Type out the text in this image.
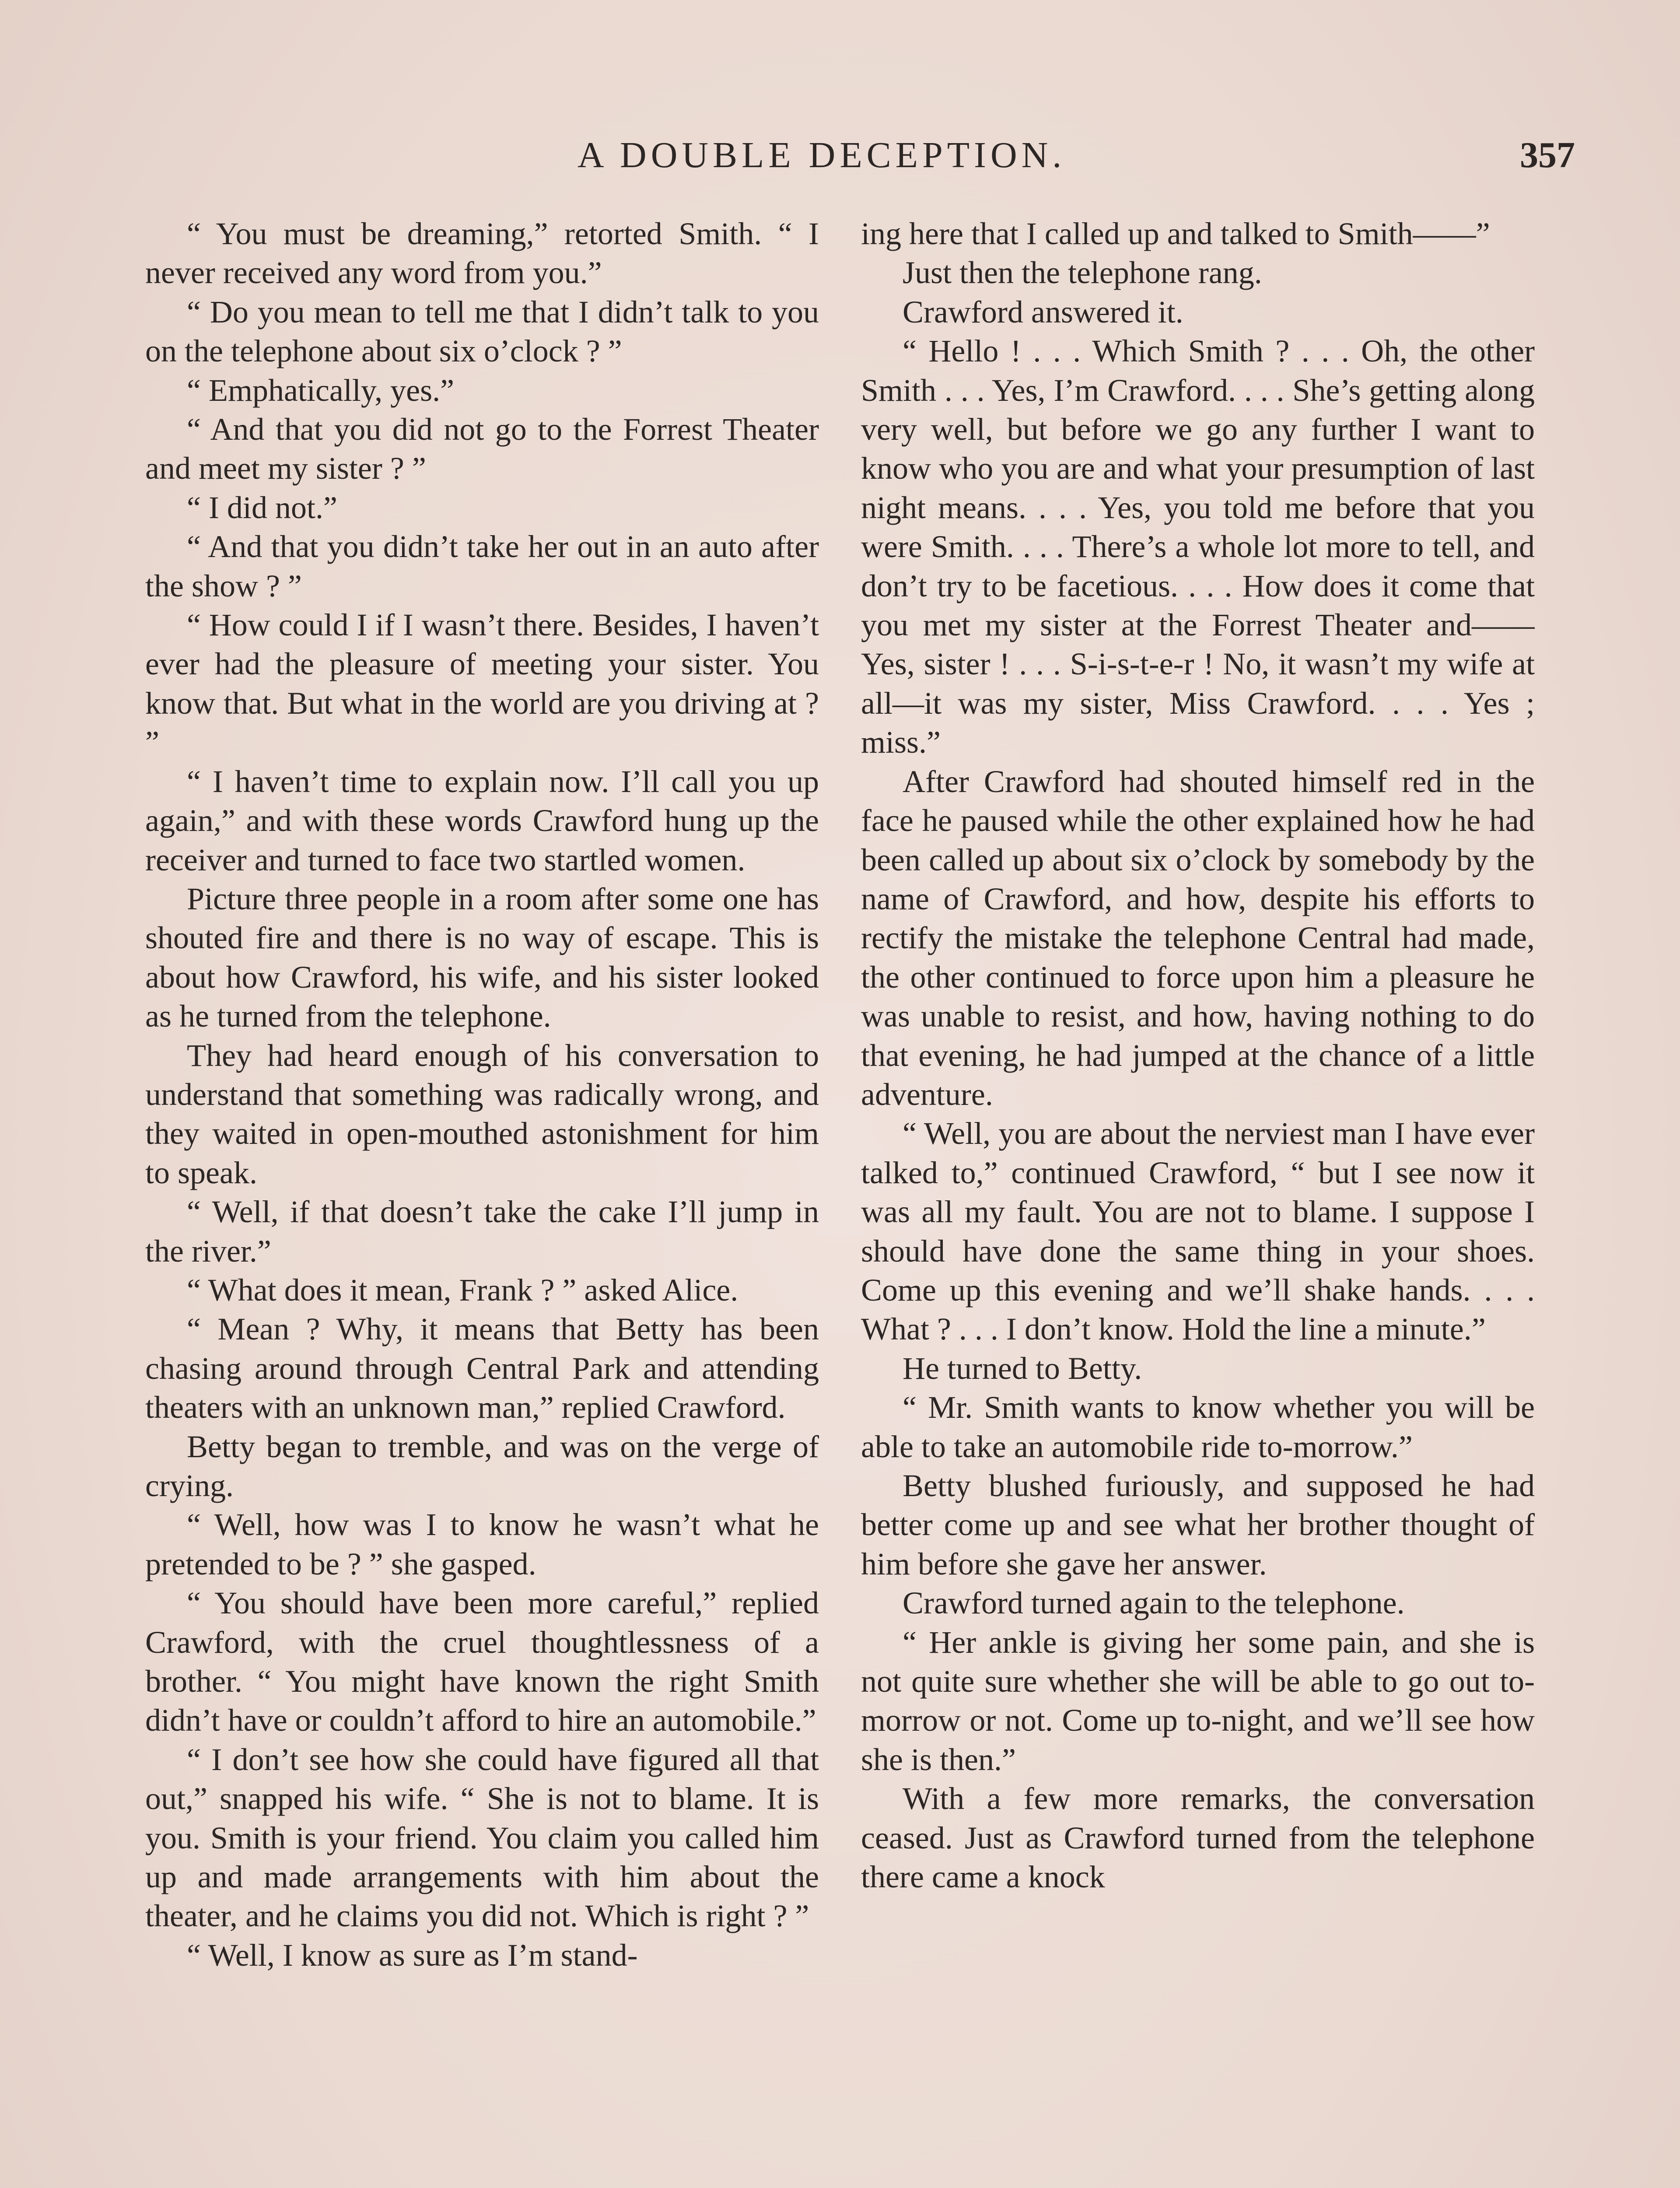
A DOUBLE DECEPTION.	357

“ You must be dreaming,” retorted Smith. “ I never received any word from you.”

“ Do you mean to tell me that I didn’t talk to you on the telephone about six o’clock ? ”

“ Emphatically, yes.”

“ And that you did not go to the Forrest Theater and meet my sister ? ”

“ I did not.”

“ And that you didn’t take her out in an auto after the show ? ”

“ How could I if I wasn’t there. Besides, I haven’t ever had the pleasure of meeting your sister. You know that. But what in the world are you driving at ? ”

“ I haven’t time to explain now. I’ll call you up again,” and with these words Crawford hung up the receiver and turned to face two startled women.

Picture three people in a room after some one has shouted fire and there is no way of escape. This is about how Crawford, his wife, and his sister looked as he turned from the telephone.

They had heard enough of his conversation to understand that something was radically wrong, and they waited in open-mouthed astonishment for him to speak.

“ Well, if that doesn’t take the cake I’ll jump in the river.”

“ What does it mean, Frank ? ” asked Alice.

“ Mean ? Why, it means that Betty has been chasing around through Central Park and attending theaters with an unknown man,” replied Crawford.

Betty began to tremble, and was on the verge of crying.

“ Well, how was I to know he wasn’t what he pretended to be ? ” she gasped.

“ You should have been more careful,” replied Crawford, with the cruel thoughtlessness of a brother. “ You might have known the right Smith didn’t have or couldn’t afford to hire an automobile.”

“ I don’t see how she could have figured all that out,” snapped his wife. “ She is not to blame. It is you. Smith is your friend. You claim you called him up and made arrangements with him about the theater, and he claims you did not. Which is right ? ”

“ Well, I know as sure as I’m stand-

ing here that I called up and talked to Smith——”

Just then the telephone rang.

Crawford answered it.

“ Hello ! . . . Which Smith ? . . . Oh, the other Smith . . . Yes, I’m Crawford. . . . She’s getting along very well, but before we go any further I want to know who you are and what your presumption of last night means. . . . Yes, you told me before that you were Smith. . . . There’s a whole lot more to tell, and don’t try to be facetious. . . . How does it come that you met my sister at the Forrest Theater and—— Yes, sister ! . . . S-i-s-t-e-r ! No, it wasn’t my wife at all—it was my sister, Miss Crawford. . . . Yes ; miss.”

After Crawford had shouted himself red in the face he paused while the other explained how he had been called up about six o’clock by somebody by the name of Crawford, and how, despite his efforts to rectify the mistake the telephone Central had made, the other continued to force upon him a pleasure he was unable to resist, and how, having nothing to do that evening, he had jumped at the chance of a little adventure.

“ Well, you are about the nerviest man I have ever talked to,” continued Crawford, “ but I see now it was all my fault. You are not to blame. I suppose I should have done the same thing in your shoes. Come up this evening and we’ll shake hands. . . . What ? . . . I don’t know. Hold the line a minute.”

He turned to Betty.

“ Mr. Smith wants to know whether you will be able to take an automobile ride to-morrow.”

Betty blushed furiously, and supposed he had better come up and see what her brother thought of him before she gave her answer.

Crawford turned again to the telephone.

“ Her ankle is giving her some pain, and she is not quite sure whether she will be able to go out to-morrow or not. Come up to-night, and we’ll see how she is then.”

With a few more remarks, the conversation ceased. Just as Crawford turned from the telephone there came a knock
